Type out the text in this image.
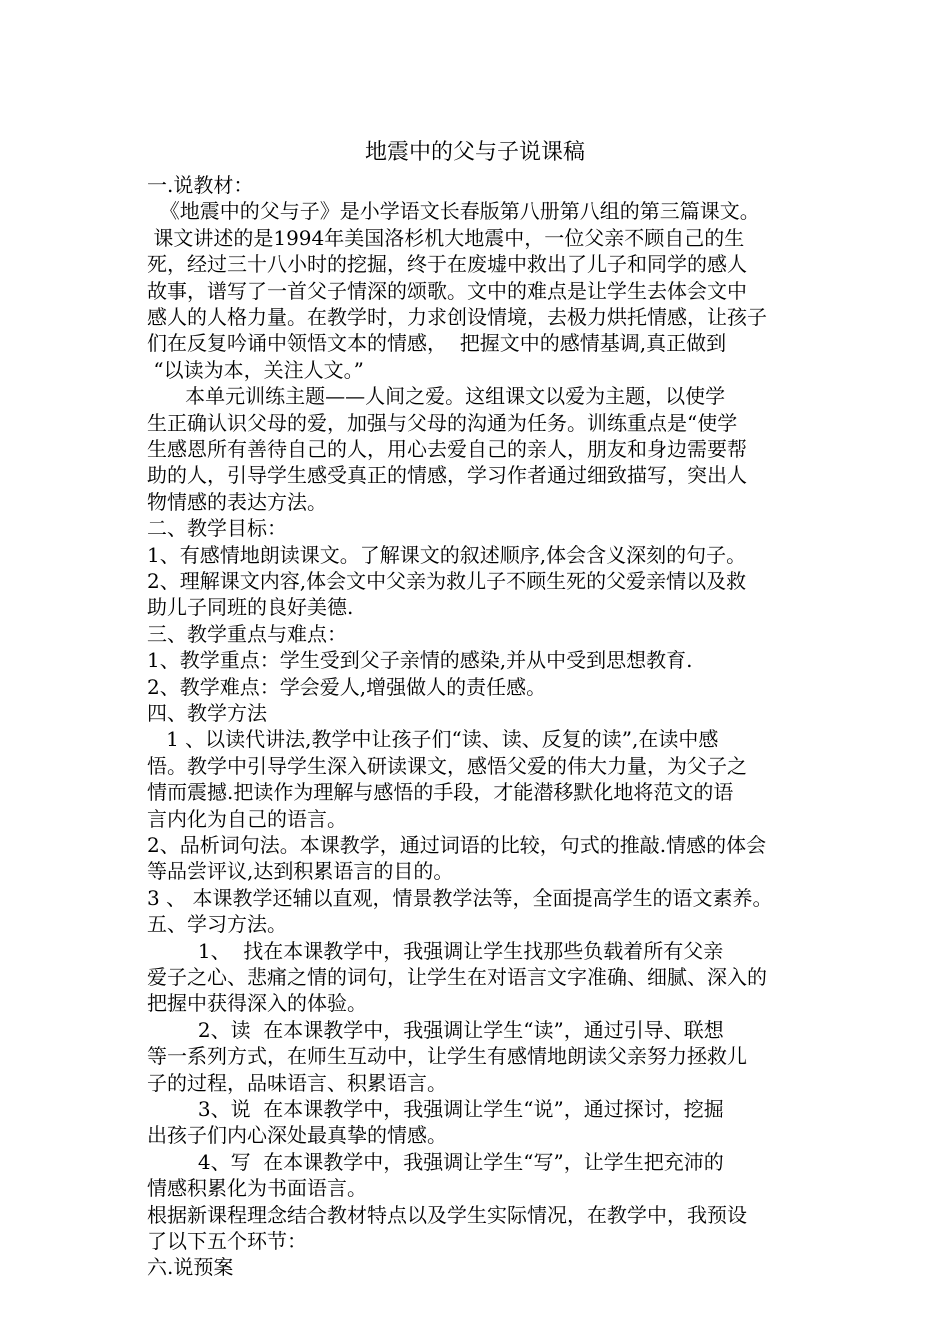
地震中的父与子说课稿
一.说教材：
《地震中的父与子》是小学语文长春版第八册第八组的第三篇课文。
课文讲述的是1994年美国洛杉机大地震中，一位父亲不顾自己的生
死，经过三十八小时的挖掘，终于在废墟中救出了儿子和同学的感人
故事，谱写了一首父子情深的颂歌。文中的难点是让学生去体会文中
感人的人格力量。在教学时，力求创设情境，去极力烘托情感，让孩子
们在反复吟诵中领悟文本的情感，  把握文中的感情基调,真正做到
“以读为本，关注人文。”
本单元训练主题——人间之爱。这组课文以爱为主题，以使学
生正确认识父母的爱，加强与父母的沟通为任务。训练重点是“使学
生感恩所有善待自己的人，用心去爱自己的亲人，朋友和身边需要帮
助的人，引导学生感受真正的情感，学习作者通过细致描写，突出人
物情感的表达方法。
二、教学目标：
1、有感情地朗读课文。了解课文的叙述顺序,体会含义深刻的句子。
2、理解课文内容,体会文中父亲为救儿子不顾生死的父爱亲情以及救
助儿子同班的良好美德.
三、教学重点与难点：
1、教学重点：学生受到父子亲情的感染,并从中受到思想教育.
2、教学难点：学会爱人,增强做人的责任感。
四、教学方法
1 、以读代讲法,教学中让孩子们“读、读、反复的读”,在读中感
悟。教学中引导学生深入研读课文，感悟父爱的伟大力量，为父子之
情而震撼.把读作为理解与感悟的手段，才能潜移默化地将范文的语
言内化为自己的语言。
2、品析词句法。本课教学，通过词语的比较，句式的推敲.情感的体会
等品尝评议,达到积累语言的目的。
3 、 本课教学还辅以直观，情景教学法等，全面提高学生的语文素养。
五、学习方法。
1、  找在本课教学中，我强调让学生找那些负载着所有父亲
爱子之心、悲痛之情的词句，让学生在对语言文字准确、细腻、深入的
把握中获得深入的体验。
2、读  在本课教学中，我强调让学生“读”，通过引导、联想
等一系列方式，在师生互动中，让学生有感情地朗读父亲努力拯救儿
子的过程，品味语言、积累语言。
3、说  在本课教学中，我强调让学生“说”，通过探讨，挖掘
出孩子们内心深处最真挚的情感。
4、写  在本课教学中，我强调让学生“写”，让学生把充沛的
情感积累化为书面语言。
根据新课程理念结合教材特点以及学生实际情况，在教学中，我预设
了以下五个环节：
六.说预案
